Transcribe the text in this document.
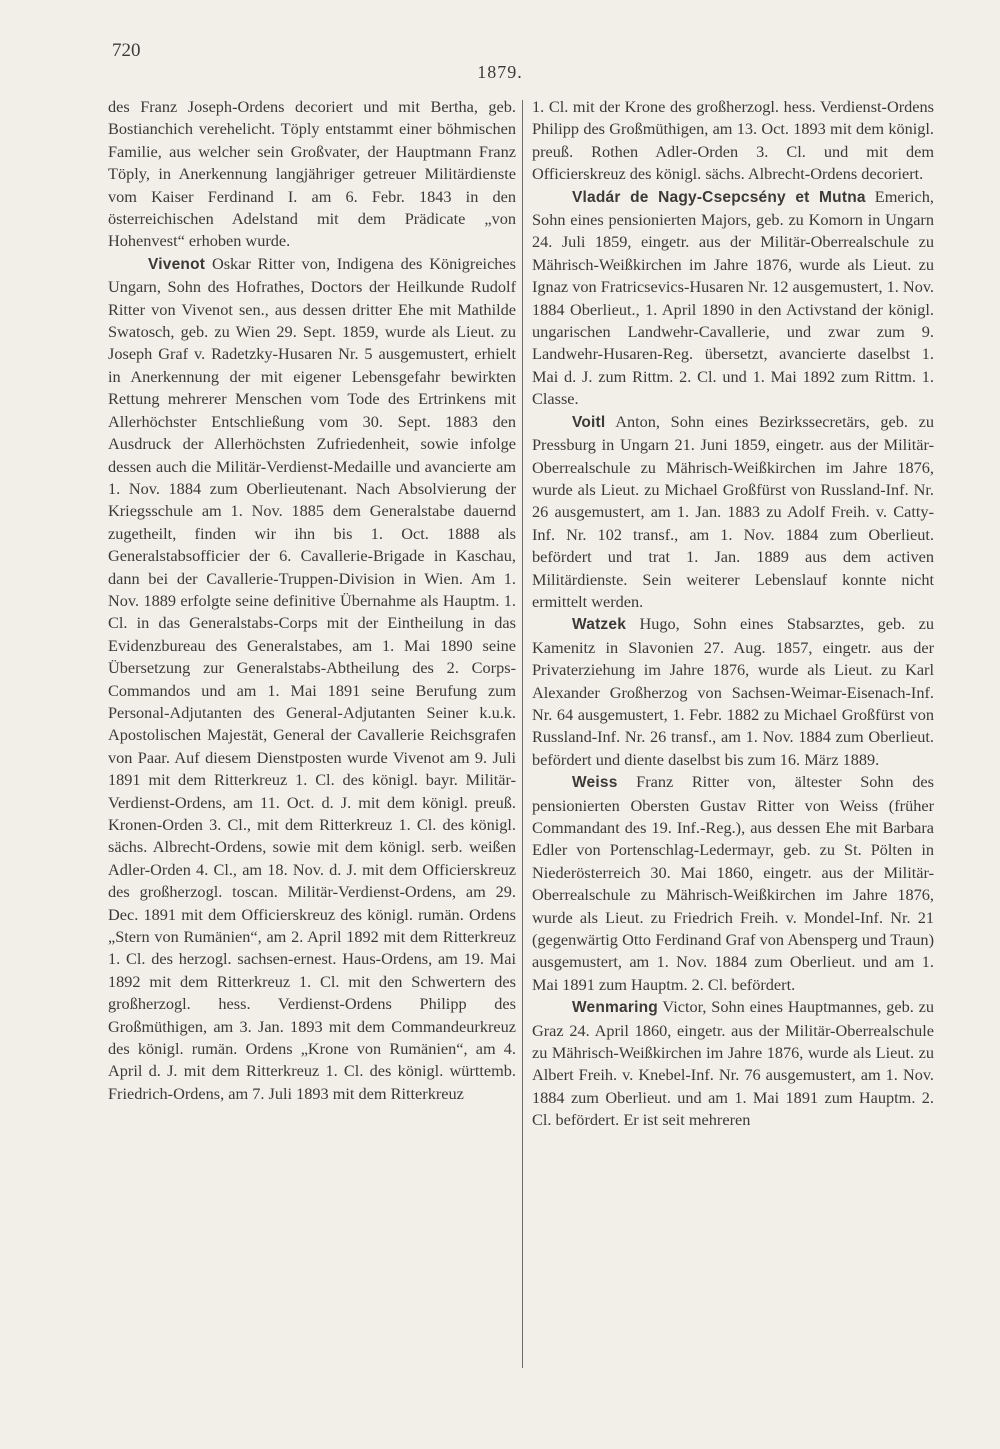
720
1879.

des Franz Joseph-Ordens decoriert und mit Bertha, geb. Bostianchich verehelicht. Töply entstammt einer böhmischen Familie, aus welcher sein Großvater, der Hauptmann Franz Töply, in Anerkennung langjähriger getreuer Militärdienste vom Kaiser Ferdinand I. am 6. Febr. 1843 in den österreichischen Adelstand mit dem Prädicate „von Hohenvest“ erhoben wurde.

Vivenot Oskar Ritter von, Indigena des Königreiches Ungarn, Sohn des Hofrathes, Doctors der Heilkunde Rudolf Ritter von Vivenot sen., aus dessen dritter Ehe mit Mathilde Swatosch, geb. zu Wien 29. Sept. 1859, wurde als Lieut. zu Joseph Graf v. Radetzky-Husaren Nr. 5 ausgemustert, erhielt in Anerkennung der mit eigener Lebensgefahr bewirkten Rettung mehrerer Menschen vom Tode des Ertrinkens mit Allerhöchster Entschließung vom 30. Sept. 1883 den Ausdruck der Allerhöchsten Zufriedenheit, sowie infolge dessen auch die Militär-Verdienst-Medaille und avancierte am 1. Nov. 1884 zum Oberlieutenant. Nach Absolvierung der Kriegsschule am 1. Nov. 1885 dem Generalstabe dauernd zugetheilt, finden wir ihn bis 1. Oct. 1888 als Generalstabsofficier der 6. Cavallerie-Brigade in Kaschau, dann bei der Cavallerie-Truppen-Division in Wien. Am 1. Nov. 1889 erfolgte seine definitive Übernahme als Hauptm. 1. Cl. in das Generalstabs-Corps mit der Eintheilung in das Evidenzbureau des Generalstabes, am 1. Mai 1890 seine Übersetzung zur Generalstabs-Abtheilung des 2. Corps-Commandos und am 1. Mai 1891 seine Berufung zum Personal-Adjutanten des General-Adjutanten Seiner k.u.k. Apostolischen Majestät, General der Cavallerie Reichsgrafen von Paar. Auf diesem Dienstposten wurde Vivenot am 9. Juli 1891 mit dem Ritterkreuz 1. Cl. des königl. bayr. Militär-Verdienst-Ordens, am 11. Oct. d. J. mit dem königl. preuß. Kronen-Orden 3. Cl., mit dem Ritterkreuz 1. Cl. des königl. sächs. Albrecht-Ordens, sowie mit dem königl. serb. weißen Adler-Orden 4. Cl., am 18. Nov. d. J. mit dem Officierskreuz des großherzogl. toscan. Militär-Verdienst-Ordens, am 29. Dec. 1891 mit dem Officierskreuz des königl. rumän. Ordens „Stern von Rumänien“, am 2. April 1892 mit dem Ritterkreuz 1. Cl. des herzogl. sachsen-ernest. Haus-Ordens, am 19. Mai 1892 mit dem Ritterkreuz 1. Cl. mit den Schwertern des großherzogl. hess. Verdienst-Ordens Philipp des Großmüthigen, am 3. Jan. 1893 mit dem Commandeurkreuz des königl. rumän. Ordens „Krone von Rumänien“, am 4. April d. J. mit dem Ritterkreuz 1. Cl. des königl. württemb. Friedrich-Ordens, am 7. Juli 1893 mit dem Ritterkreuz

1. Cl. mit der Krone des großherzogl. hess. Verdienst-Ordens Philipp des Großmüthigen, am 13. Oct. 1893 mit dem königl. preuß. Rothen Adler-Orden 3. Cl. und mit dem Officierskreuz des königl. sächs. Albrecht-Ordens decoriert.

Vladár de Nagy-Csepcsény et Mutna Emerich, Sohn eines pensionierten Majors, geb. zu Komorn in Ungarn 24. Juli 1859, eingetr. aus der Militär-Oberrealschule zu Mährisch-Weißkirchen im Jahre 1876, wurde als Lieut. zu Ignaz von Fratricsevics-Husaren Nr. 12 ausgemustert, 1. Nov. 1884 Oberlieut., 1. April 1890 in den Activstand der königl. ungarischen Landwehr-Cavallerie, und zwar zum 9. Landwehr-Husaren-Reg. übersetzt, avancierte daselbst 1. Mai d. J. zum Rittm. 2. Cl. und 1. Mai 1892 zum Rittm. 1. Classe.

Voitl Anton, Sohn eines Bezirkssecretärs, geb. zu Pressburg in Ungarn 21. Juni 1859, eingetr. aus der Militär-Oberrealschule zu Mährisch-Weißkirchen im Jahre 1876, wurde als Lieut. zu Michael Großfürst von Russland-Inf. Nr. 26 ausgemustert, am 1. Jan. 1883 zu Adolf Freih. v. Catty-Inf. Nr. 102 transf., am 1. Nov. 1884 zum Oberlieut. befördert und trat 1. Jan. 1889 aus dem activen Militärdienste. Sein weiterer Lebenslauf konnte nicht ermittelt werden.

Watzek Hugo, Sohn eines Stabsarztes, geb. zu Kamenitz in Slavonien 27. Aug. 1857, eingetr. aus der Privaterziehung im Jahre 1876, wurde als Lieut. zu Karl Alexander Großherzog von Sachsen-Weimar-Eisenach-Inf. Nr. 64 ausgemustert, 1. Febr. 1882 zu Michael Großfürst von Russland-Inf. Nr. 26 transf., am 1. Nov. 1884 zum Oberlieut. befördert und diente daselbst bis zum 16. März 1889.

Weiss Franz Ritter von, ältester Sohn des pensionierten Obersten Gustav Ritter von Weiss (früher Commandant des 19. Inf.-Reg.), aus dessen Ehe mit Barbara Edler von Portenschlag-Ledermayr, geb. zu St. Pölten in Niederösterreich 30. Mai 1860, eingetr. aus der Militär-Oberrealschule zu Mährisch-Weißkirchen im Jahre 1876, wurde als Lieut. zu Friedrich Freih. v. Mondel-Inf. Nr. 21 (gegenwärtig Otto Ferdinand Graf von Abensperg und Traun) ausgemustert, am 1. Nov. 1884 zum Oberlieut. und am 1. Mai 1891 zum Hauptm. 2. Cl. befördert.

Wenmaring Victor, Sohn eines Hauptmannes, geb. zu Graz 24. April 1860, eingetr. aus der Militär-Oberrealschule zu Mährisch-Weißkirchen im Jahre 1876, wurde als Lieut. zu Albert Freih. v. Knebel-Inf. Nr. 76 ausgemustert, am 1. Nov. 1884 zum Oberlieut. und am 1. Mai 1891 zum Hauptm. 2. Cl. befördert. Er ist seit mehreren
